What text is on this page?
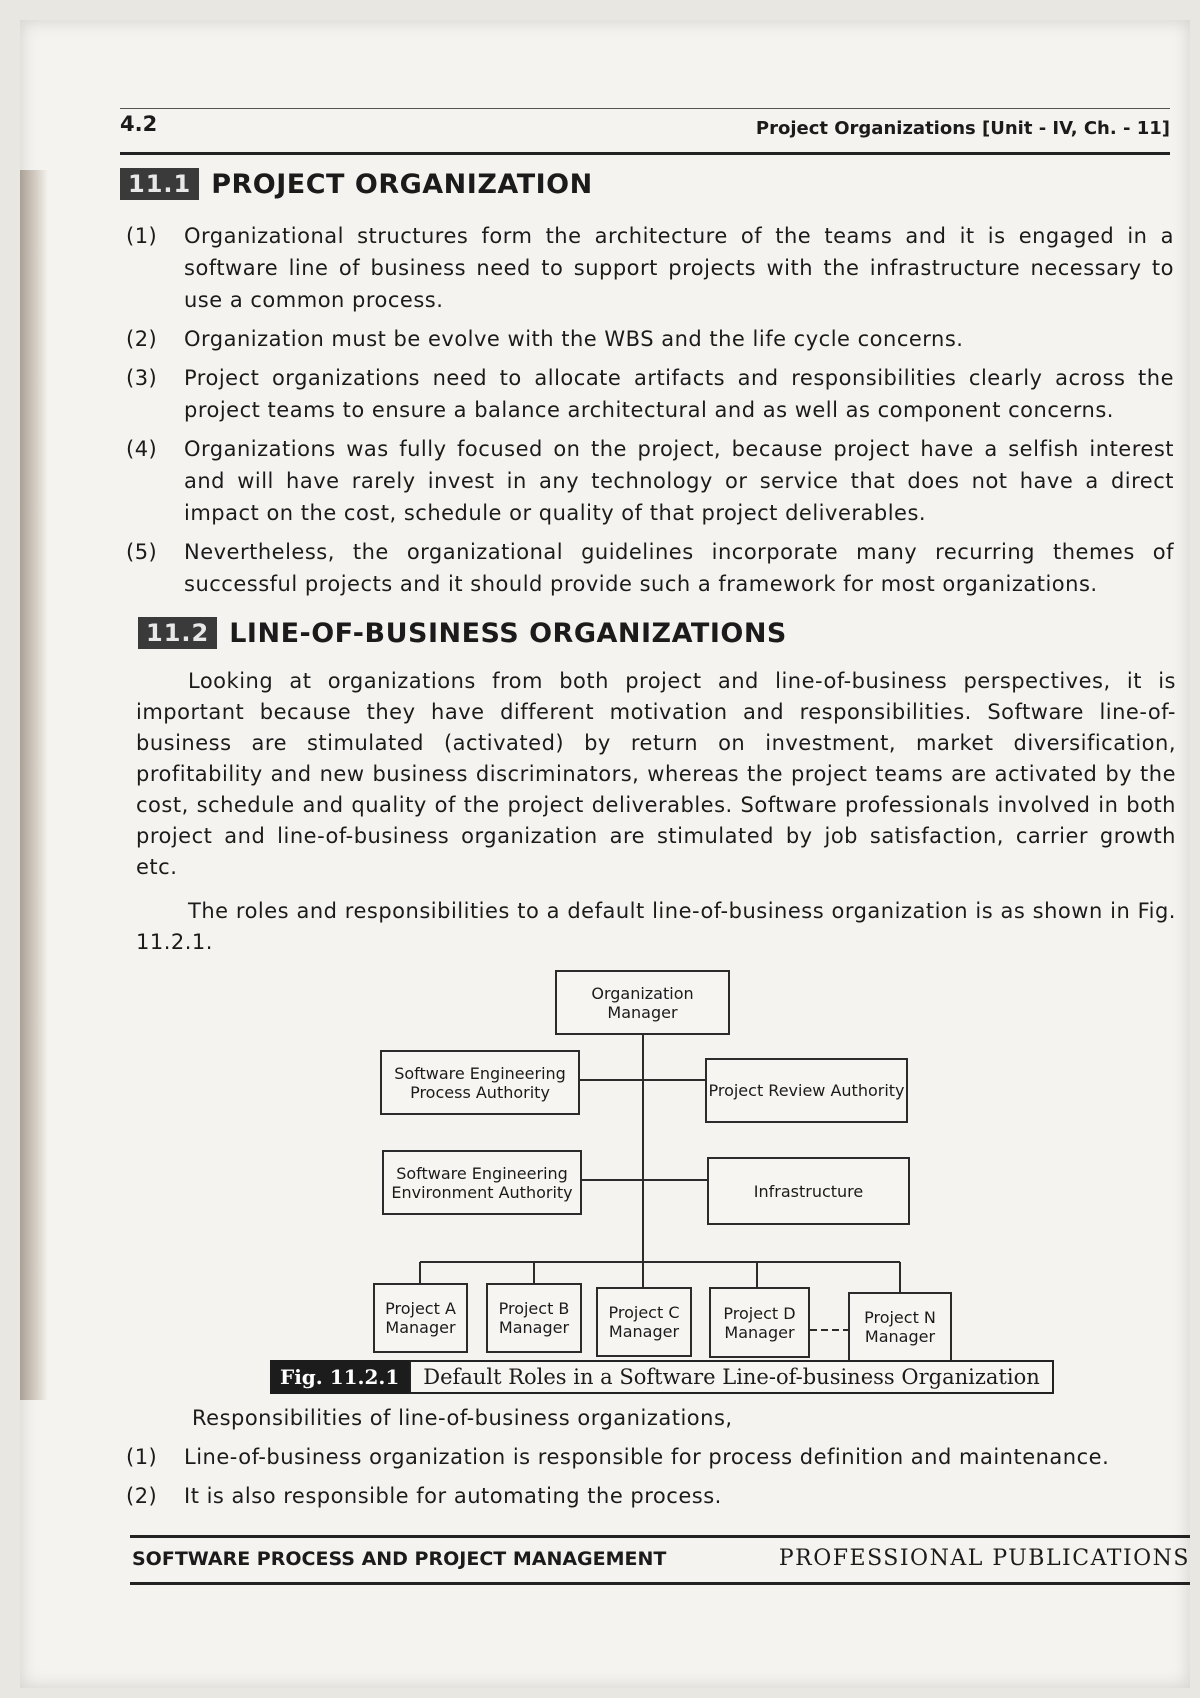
4.2	Project Organizations [Unit - IV, Ch. - 11]
11.1 PROJECT ORGANIZATION
(1)	Organizational structures form the architecture of the teams and it is engaged in a software line of business need to support projects with the infrastructure necessary to use a common process.
(2)	Organization must be evolve with the WBS and the life cycle concerns.
(3)	Project organizations need to allocate artifacts and responsibilities clearly across the project teams to ensure a balance architectural and as well as component concerns.
(4)	Organizations was fully focused on the project, because project have a selfish interest and will have rarely invest in any technology or service that does not have a direct impact on the cost, schedule or quality of that project deliverables.
(5)	Nevertheless, the organizational guidelines incorporate many recurring themes of successful projects and it should provide such a framework for most organizations.
11.2 LINE-OF-BUSINESS ORGANIZATIONS
Looking at organizations from both project and line-of-business perspectives, it is important because they have different motivation and responsibilities. Software line-of-business are stimulated (activated) by return on investment, market diversification, profitability and new business discriminators, whereas the project teams are activated by the cost, schedule and quality of the project deliverables. Software professionals involved in both project and line-of-business organization are stimulated by job satisfaction, carrier growth etc.
The roles and responsibilities to a default line-of-business organization is as shown in Fig. 11.2.1.
Organization Manager
Software Engineering Process Authority	Project Review Authority
Software Engineering Environment Authority	Infrastructure
Project A Manager
Project B Manager
Project C Manager
Project D Manager
Project N Manager
Fig. 11.2.1	Default Roles in a Software Line-of-business Organization
Responsibilities of line-of-business organizations,
(1)	Line-of-business organization is responsible for process definition and maintenance.
(2)	It is also responsible for automating the process.
SOFTWARE PROCESS AND PROJECT MANAGEMENT	PROFESSIONAL PUBLICATIONS
